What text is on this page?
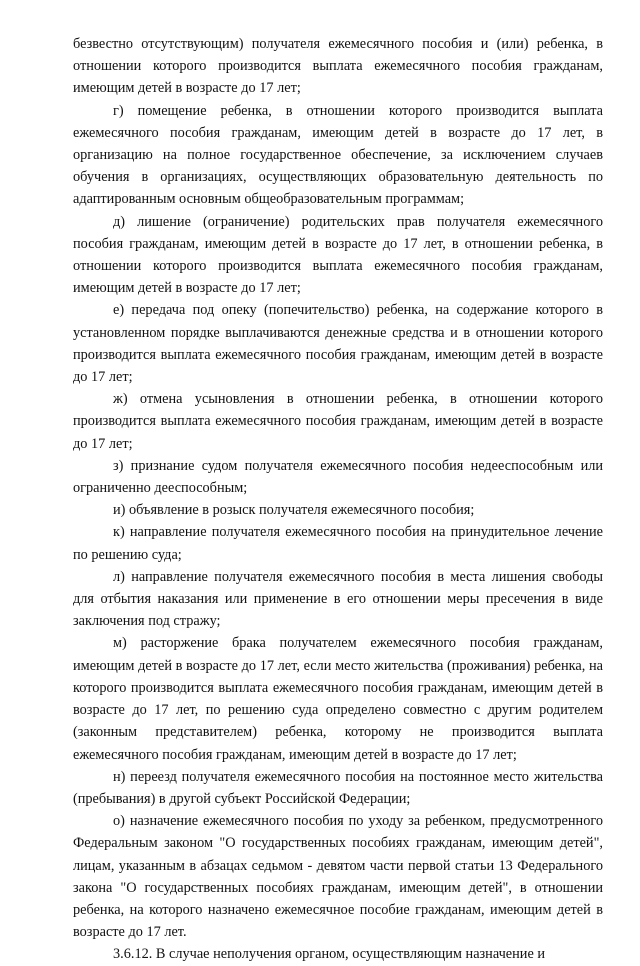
безвестно отсутствующим) получателя ежемесячного пособия и (или) ребенка, в отношении которого производится выплата ежемесячного пособия гражданам, имеющим детей в возрасте до 17 лет;

г) помещение ребенка, в отношении которого производится выплата ежемесячного пособия гражданам, имеющим детей в возрасте до 17 лет, в организацию на полное государственное обеспечение, за исключением случаев обучения в организациях, осуществляющих образовательную деятельность по адаптированным основным общеобразовательным программам;

д) лишение (ограничение) родительских прав получателя ежемесячного пособия гражданам, имеющим детей в возрасте до 17 лет, в отношении ребенка, в отношении которого производится выплата ежемесячного пособия гражданам, имеющим детей в возрасте до 17 лет;

е) передача под опеку (попечительство) ребенка, на содержание которого в установленном порядке выплачиваются денежные средства и в отношении которого производится выплата ежемесячного пособия гражданам, имеющим детей в возрасте до 17 лет;

ж) отмена усыновления в отношении ребенка, в отношении которого производится выплата ежемесячного пособия гражданам, имеющим детей в возрасте до 17 лет;

з) признание судом получателя ежемесячного пособия недееспособным или ограниченно дееспособным;

и) объявление в розыск получателя ежемесячного пособия;

к) направление получателя ежемесячного пособия на принудительное лечение по решению суда;

л) направление получателя ежемесячного пособия в места лишения свободы для отбытия наказания или применение в его отношении меры пресечения в виде заключения под стражу;

м) расторжение брака получателем ежемесячного пособия гражданам, имеющим детей в возрасте до 17 лет, если место жительства (проживания) ребенка, на которого производится выплата ежемесячного пособия гражданам, имеющим детей в возрасте до 17 лет, по решению суда определено совместно с другим родителем (законным представителем) ребенка, которому не производится выплата ежемесячного пособия гражданам, имеющим детей в возрасте до 17 лет;

н) переезд получателя ежемесячного пособия на постоянное место жительства (пребывания) в другой субъект Российской Федерации;

о) назначение ежемесячного пособия по уходу за ребенком, предусмотренного Федеральным законом "О государственных пособиях гражданам, имеющим детей", лицам, указанным в абзацах седьмом - девятом части первой статьи 13 Федерального закона "О государственных пособиях гражданам, имеющим детей", в отношении ребенка, на которого назначено ежемесячное пособие гражданам, имеющим детей в возрасте до 17 лет.

3.6.12. В случае неполучения органом, осуществляющим назначение и
